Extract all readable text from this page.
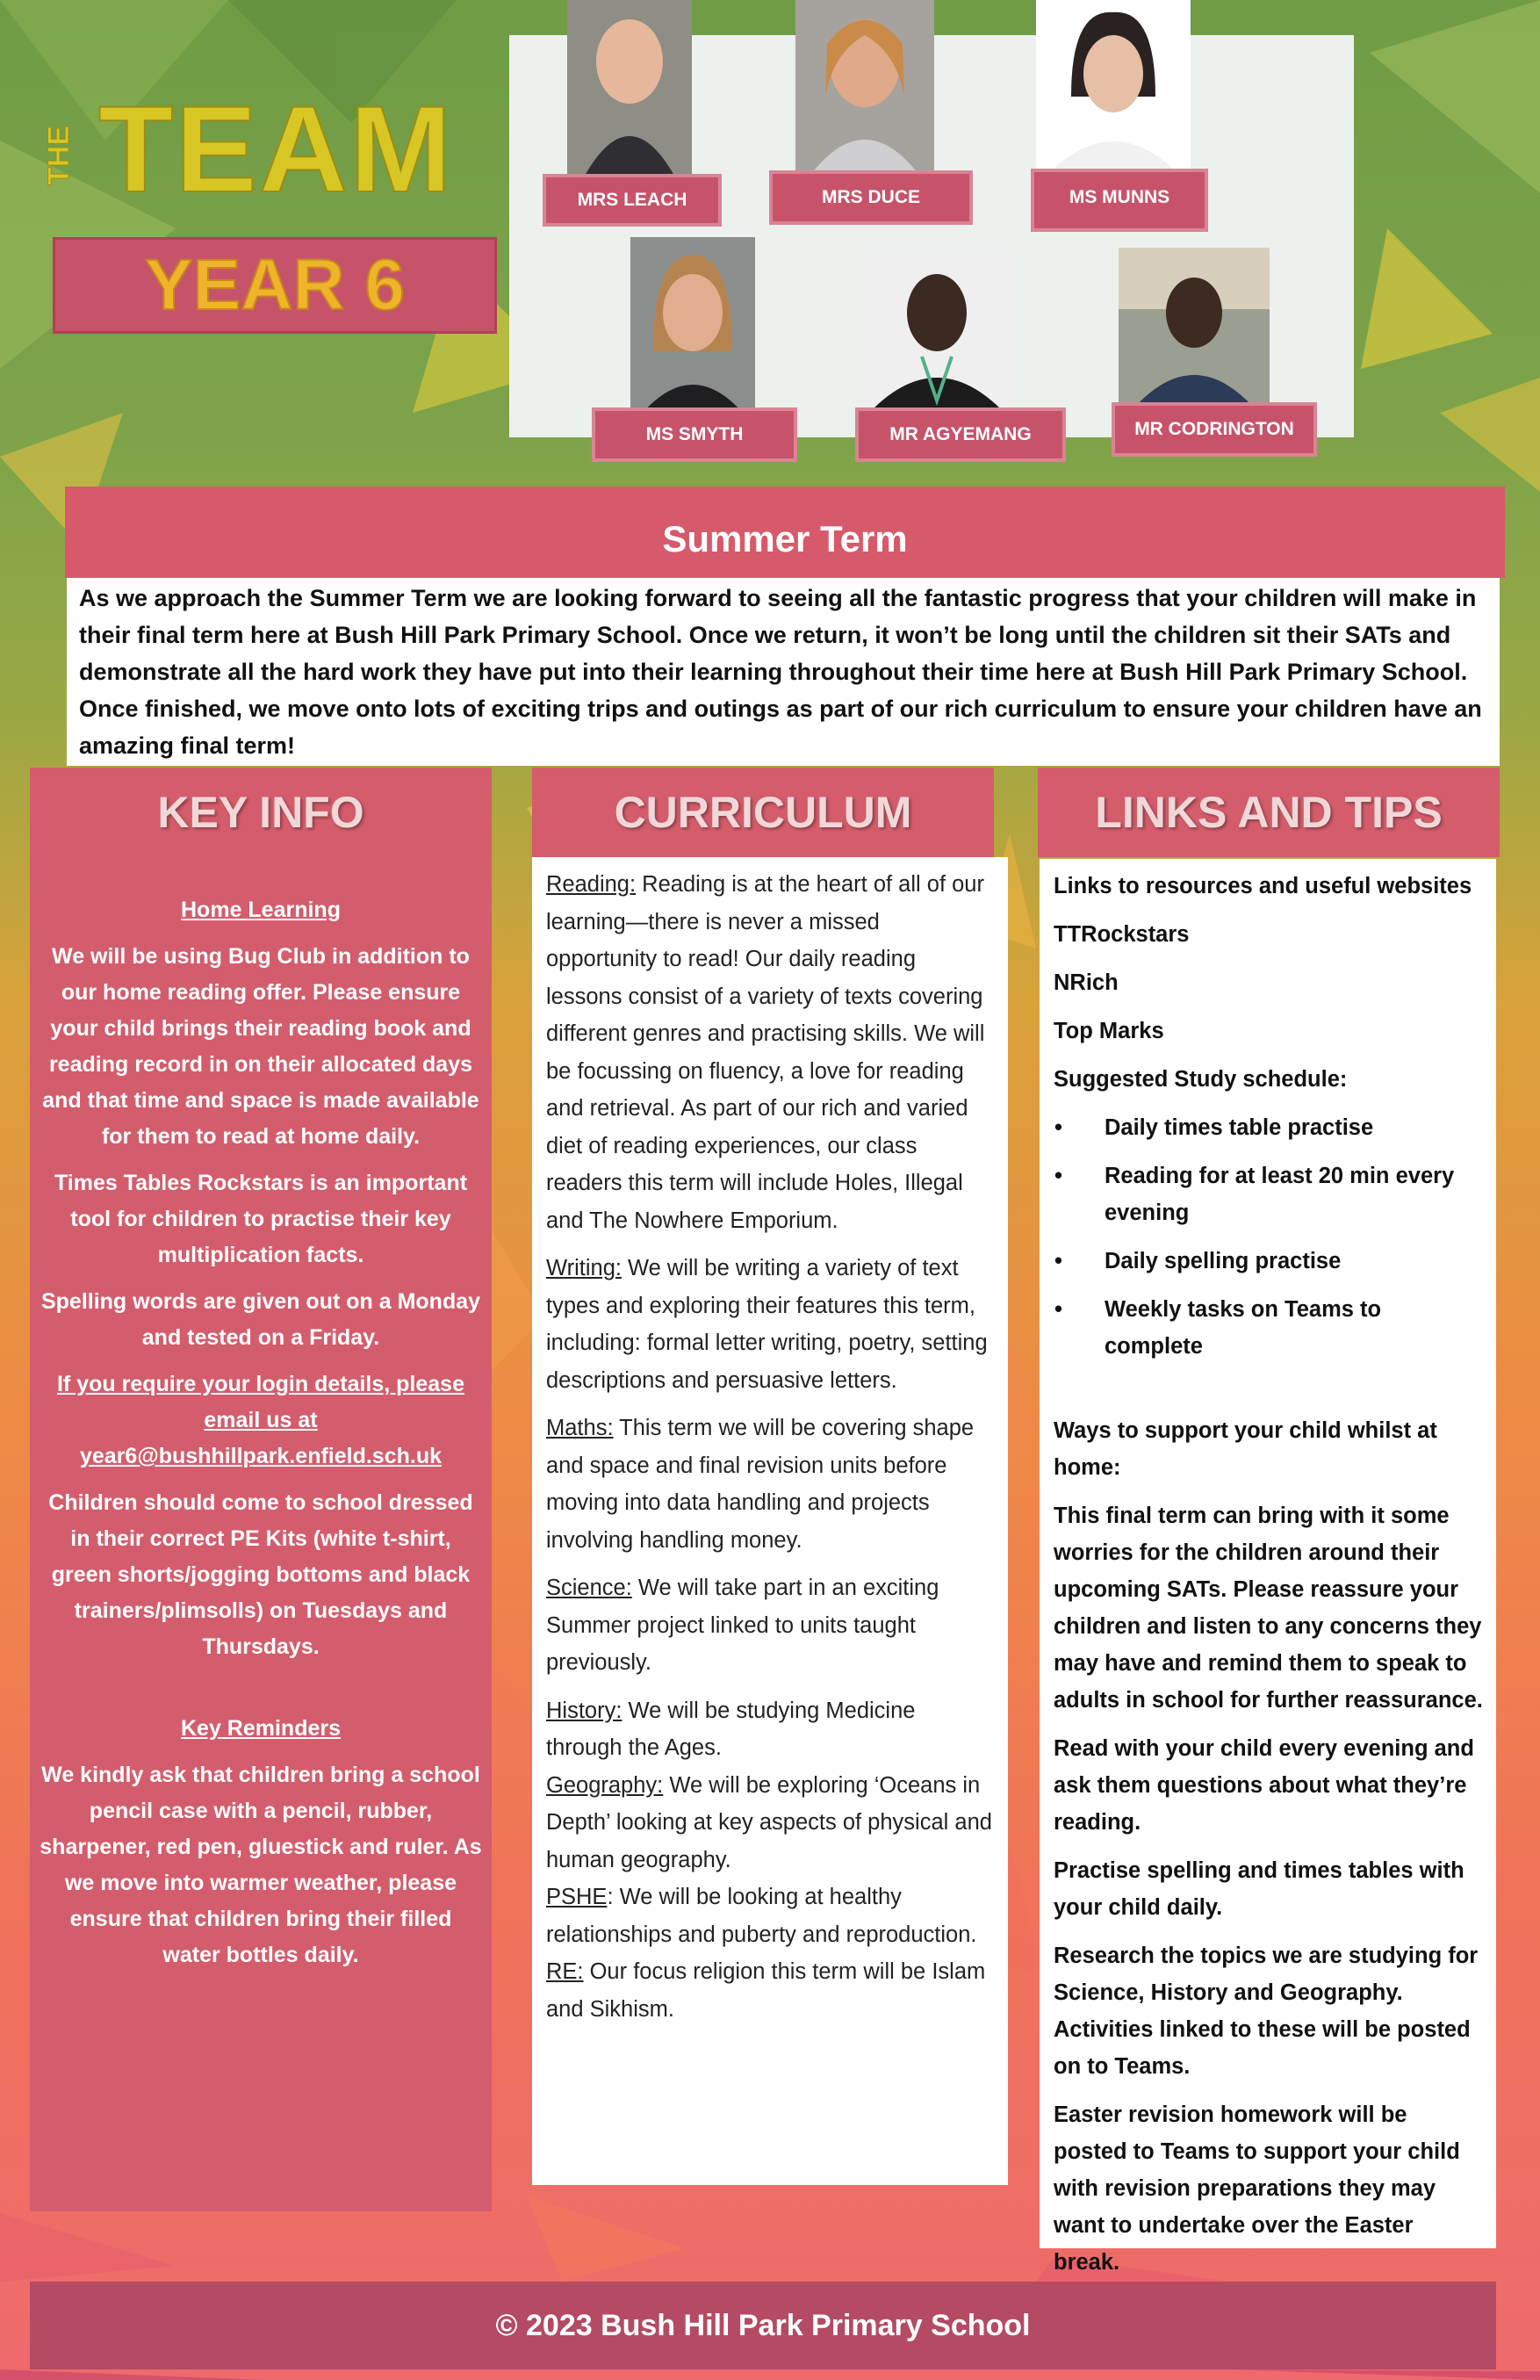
THE TEAM
YEAR 6
MRS LEACH	MRS DUCE	MS MUNNS
MS SMYTH	MR AGYEMANG	MR CODRINGTON
Summer Term
As we approach the Summer Term we are looking forward to seeing all the fantastic progress that your children will make in their final term here at Bush Hill Park Primary School. Once we return, it won’t be long until the children sit their SATs and demonstrate all the hard work they have put into their learning throughout their time here at Bush Hill Park Primary School. Once finished, we move onto lots of exciting trips and outings as part of our rich curriculum to ensure your children have an amazing final term!
KEY INFO

Home Learning

We will be using Bug Club in addition to our home reading offer. Please ensure your child brings their reading book and reading record in on their allocated days and that time and space is made available for them to read at home daily.

Times Tables Rockstars is an important tool for children to practise their key multiplication facts.

Spelling words are given out on a Monday and tested on a Friday.

If you require your login details, please email us at year6@bushhillpark.enfield.sch.uk

Children should come to school dressed in their correct PE Kits (white t-shirt, green shorts/jogging bottoms and black trainers/plimsolls) on Tuesdays and Thursdays.

Key Reminders

We kindly ask that children bring a school pencil case with a pencil, rubber, sharpener, red pen, gluestick and ruler. As we move into warmer weather, please ensure that children bring their filled water bottles daily.

CURRICULUM

Reading: Reading is at the heart of all of our learning—there is never a missed opportunity to read! Our daily reading lessons consist of a variety of texts covering different genres and practising skills. We will be focussing on fluency, a love for reading and retrieval. As part of our rich and varied diet of reading experiences, our class readers this term will include Holes, Illegal and The Nowhere Emporium.

Writing: We will be writing a variety of text types and exploring their features this term, including: formal letter writing, poetry, setting descriptions and persuasive letters.

Maths: This term we will be covering shape and space and final revision units before moving into data handling and projects involving handling money.

Science: We will take part in an exciting Summer project linked to units taught previously.

History: We will be studying Medicine through the Ages.

Geography: We will be exploring ‘Oceans in Depth’ looking at key aspects of physical and human geography.

PSHE: We will be looking at healthy relationships and puberty and reproduction.

RE: Our focus religion this term will be Islam and Sikhism.

LINKS AND TIPS

Links to resources and useful websites

TTRockstars

NRich

Top Marks

Suggested Study schedule:

• Daily times table practise
• Reading for at least 20 min every evening
• Daily spelling practise
• Weekly tasks on Teams to complete

Ways to support your child whilst at home:

This final term can bring with it some worries for the children around their upcoming SATs. Please reassure your children and listen to any concerns they may have and remind them to speak to adults in school for further reassurance.

Read with your child every evening and ask them questions about what they’re reading.

Practise spelling and times tables with your child daily.

Research the topics we are studying for Science, History and Geography. Activities linked to these will be posted on to Teams.

Easter revision homework will be posted to Teams to support your child with revision preparations they may want to undertake over the Easter break.

© 2023 Bush Hill Park Primary School
